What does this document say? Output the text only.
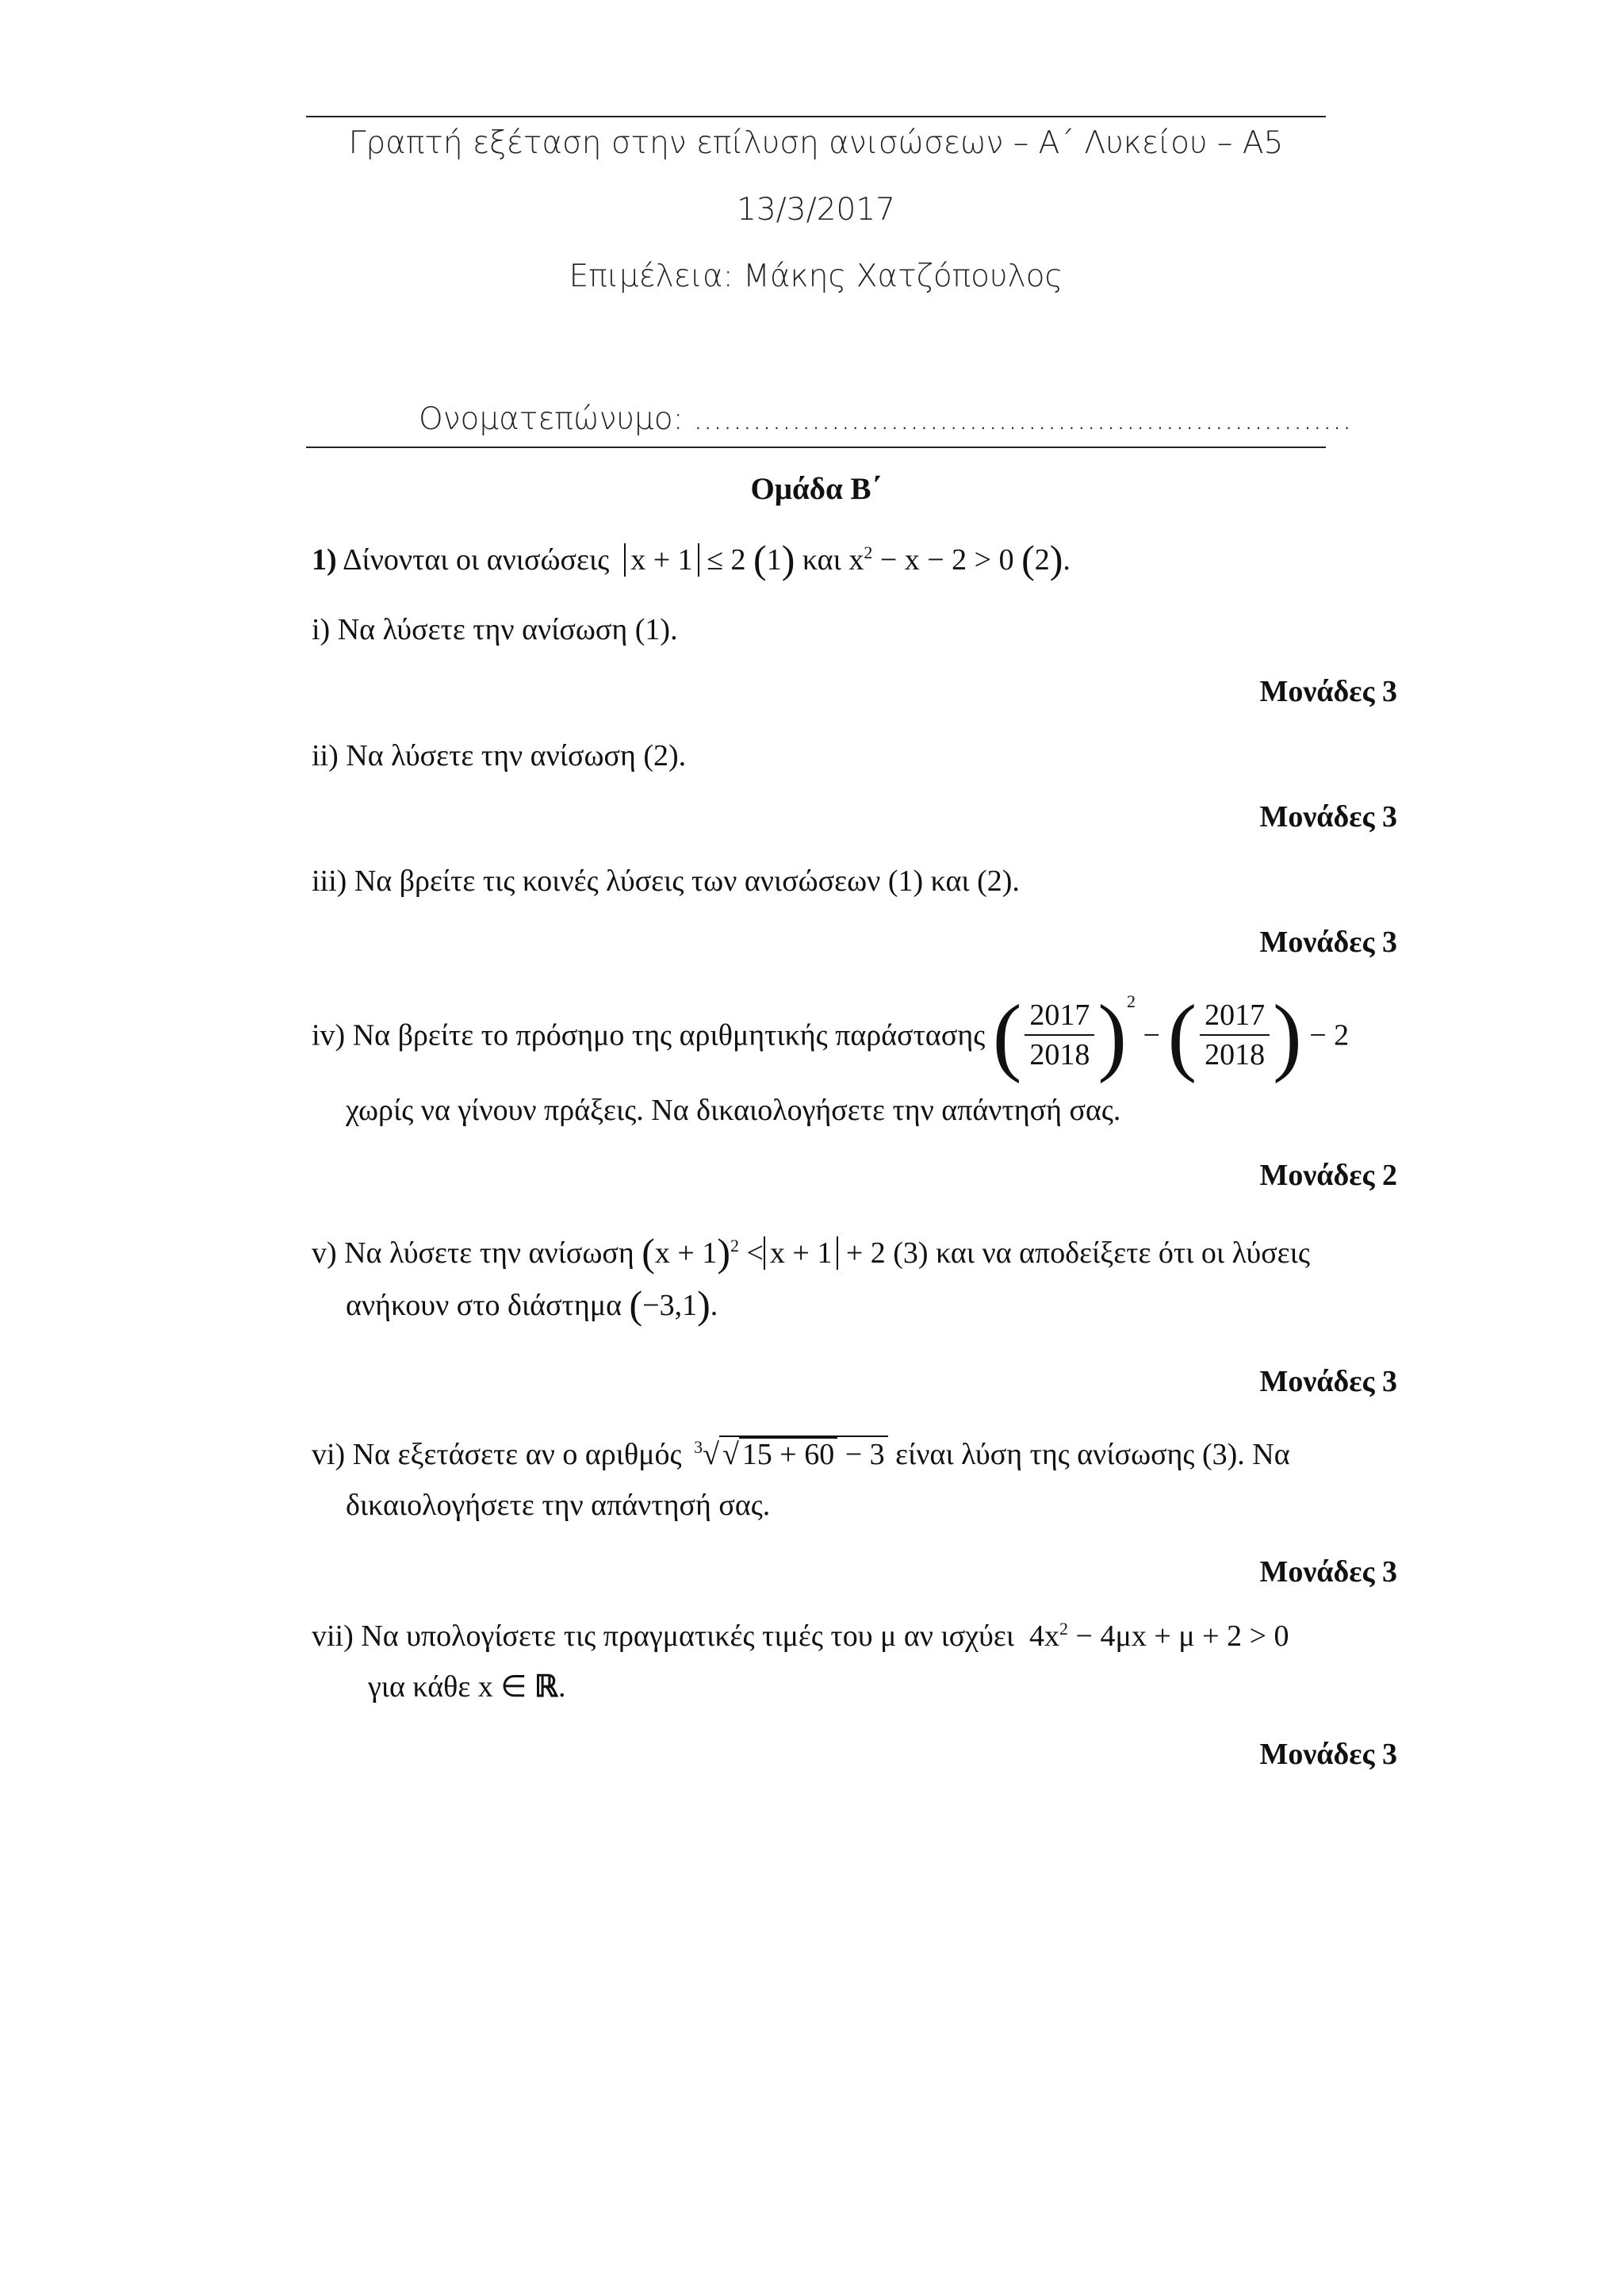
Γραπτή εξέταση στην επίλυση ανισώσεων – Α΄ Λυκείου – Α5
13/3/2017
Επιμέλεια: Μάκης Χατζόπουλος
Ονοματεπώνυμο: ...................................................................
Ομάδα Β΄
1) Δίνονται οι ανισώσεις x + 1 ≤ 2 (1) και $x^2 - x - 2 > 0$ (2).
i) Να λύσετε την ανίσωση (1).
Μονάδες 3
ii) Να λύσετε την ανίσωση (2).
Μονάδες 3
iii) Να βρείτε τις κοινές λύσεις των ανισώσεων (1) και (2).
Μονάδες 3
iv) Να βρείτε το πρόσημο της αριθμητικής παράστασης ( $\frac{2017}{2018} )^2$ − ( $\frac{2017}{2018}$ ) − 2
χωρίς να γίνουν πράξεις. Να δικαιολογήσετε την απάντησή σας.
Μονάδες 2
v) Να λύσετε την ανίσωση $(x + 1)^2 < x + 1 + 2$ (3) και να αποδείξετε ότι οι λύσεις
ανήκουν στο διάστημα (−3,1).
Μονάδες 3
vi) Να εξετάσετε αν ο αριθμός $^3$√ √ 15 + 60 − 3 είναι λύση της ανίσωσης (3). Να
δικαιολογήσετε την απάντησή σας.
Μονάδες 3
vii) Να υπολογίσετε τις πραγματικές τιμές του μ αν ισχύει $4x^2 - 4\mu x + \mu + 2 > 0$
για κάθε x ∈ ℝ.
Μονάδες 3
